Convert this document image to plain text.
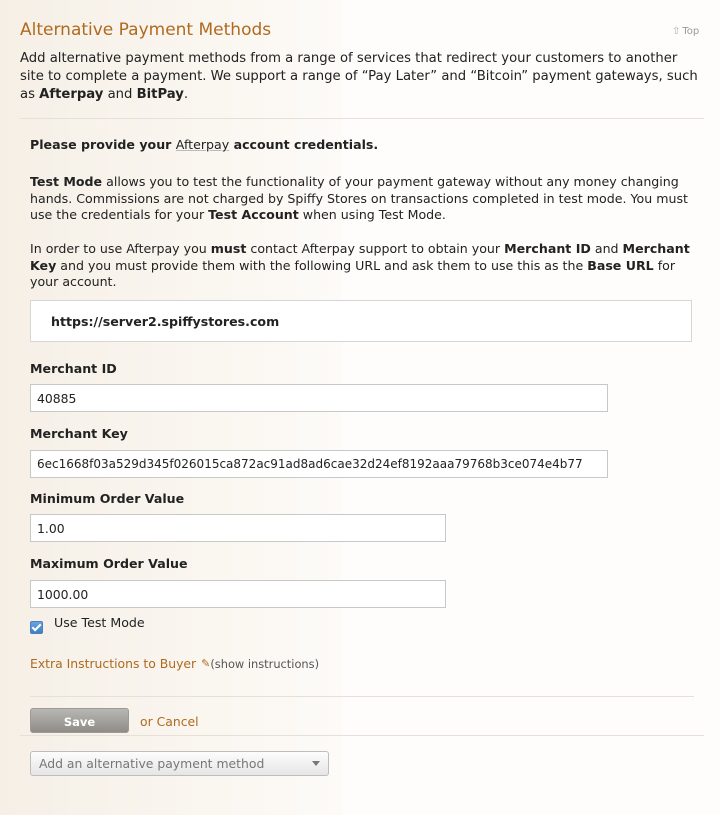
Alternative Payment Methods	⇧ Top
Add alternative payment methods from a range of services that redirect your customers to another site to complete a payment. We support a range of “Pay Later” and “Bitcoin” payment gateways, such as Afterpay and BitPay.
Please provide your Afterpay account credentials.
Test Mode allows you to test the functionality of your payment gateway without any money changing hands. Commissions are not charged by Spiffy Stores on transactions completed in test mode. You must use the credentials for your Test Account when using Test Mode.
In order to use Afterpay you must contact Afterpay support to obtain your Merchant ID and Merchant Key and you must provide them with the following URL and ask them to use this as the Base URL for your account.
https://server2.spiffystores.com
Merchant ID
40885
Merchant Key
6ec1668f03a529d345f026015ca872ac91ad8ad6cae32d24ef8192aaa79768b3ce074e4b77
Minimum Order Value
1.00
Maximum Order Value
1000.00
Use Test Mode
Extra Instructions to Buyer ✎ (show instructions)
Save	or Cancel
Add an alternative payment method
